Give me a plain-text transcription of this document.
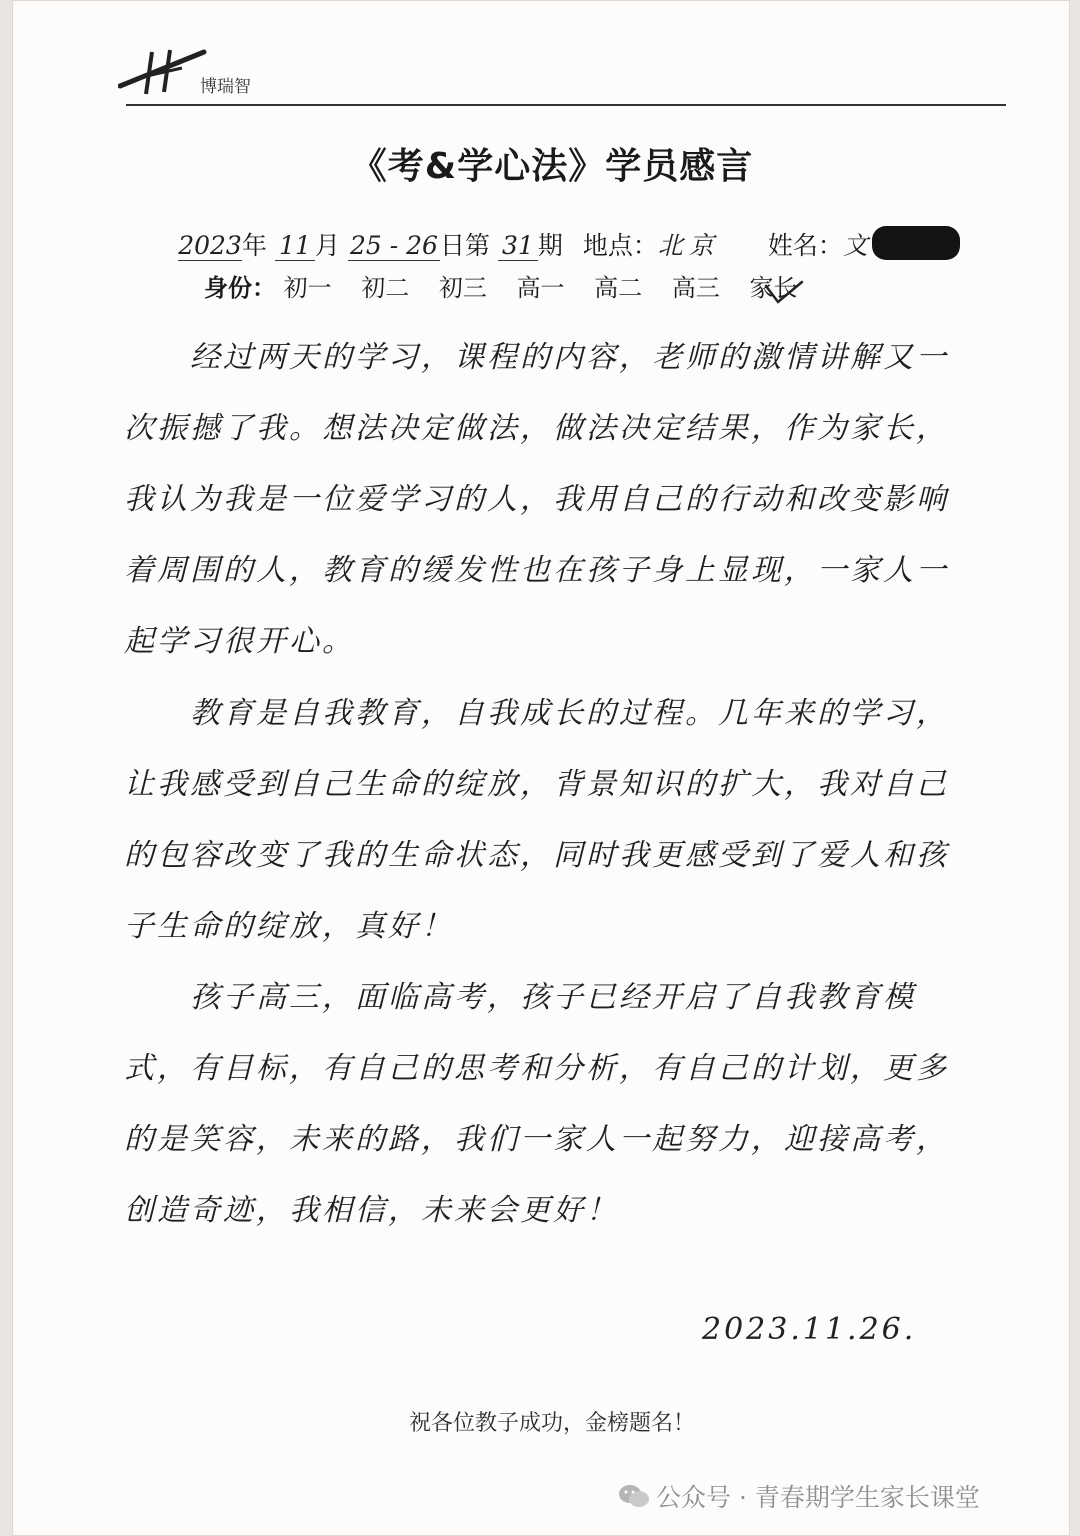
博瑞智
《考&学心法》学员感言
2023年 11 月 25 - 26日第 31 期 地点：北京 姓名：文
身份： 初一 初二 初三 高一 高二 高三 家长
　　经过两天的学习，课程的内容，老师的激情讲解又一次振撼了我。想法决定做法，做法决定结果，作为家长，我认为我是一位爱学习的人，我用自己的行动和改变影响着周围的人，教育的缓发性也在孩子身上显现，一家人一起学习很开心。
　　教育是自我教育，自我成长的过程。几年来的学习，让我感受到自己生命的绽放，背景知识的扩大，我对自己的包容改变了我的生命状态，同时我更感受到了爱人和孩子生命的绽放，真好！
　　孩子高三，面临高考，孩子已经开启了自我教育模式，有目标，有自己的思考和分析，有自己的计划，更多的是笑容，未来的路，我们一家人一起努力，迎接高考，创造奇迹，我相信，未来会更好！
2023.11.26.
祝各位教子成功，金榜题名！
公众号 · 青春期学生家长课堂
